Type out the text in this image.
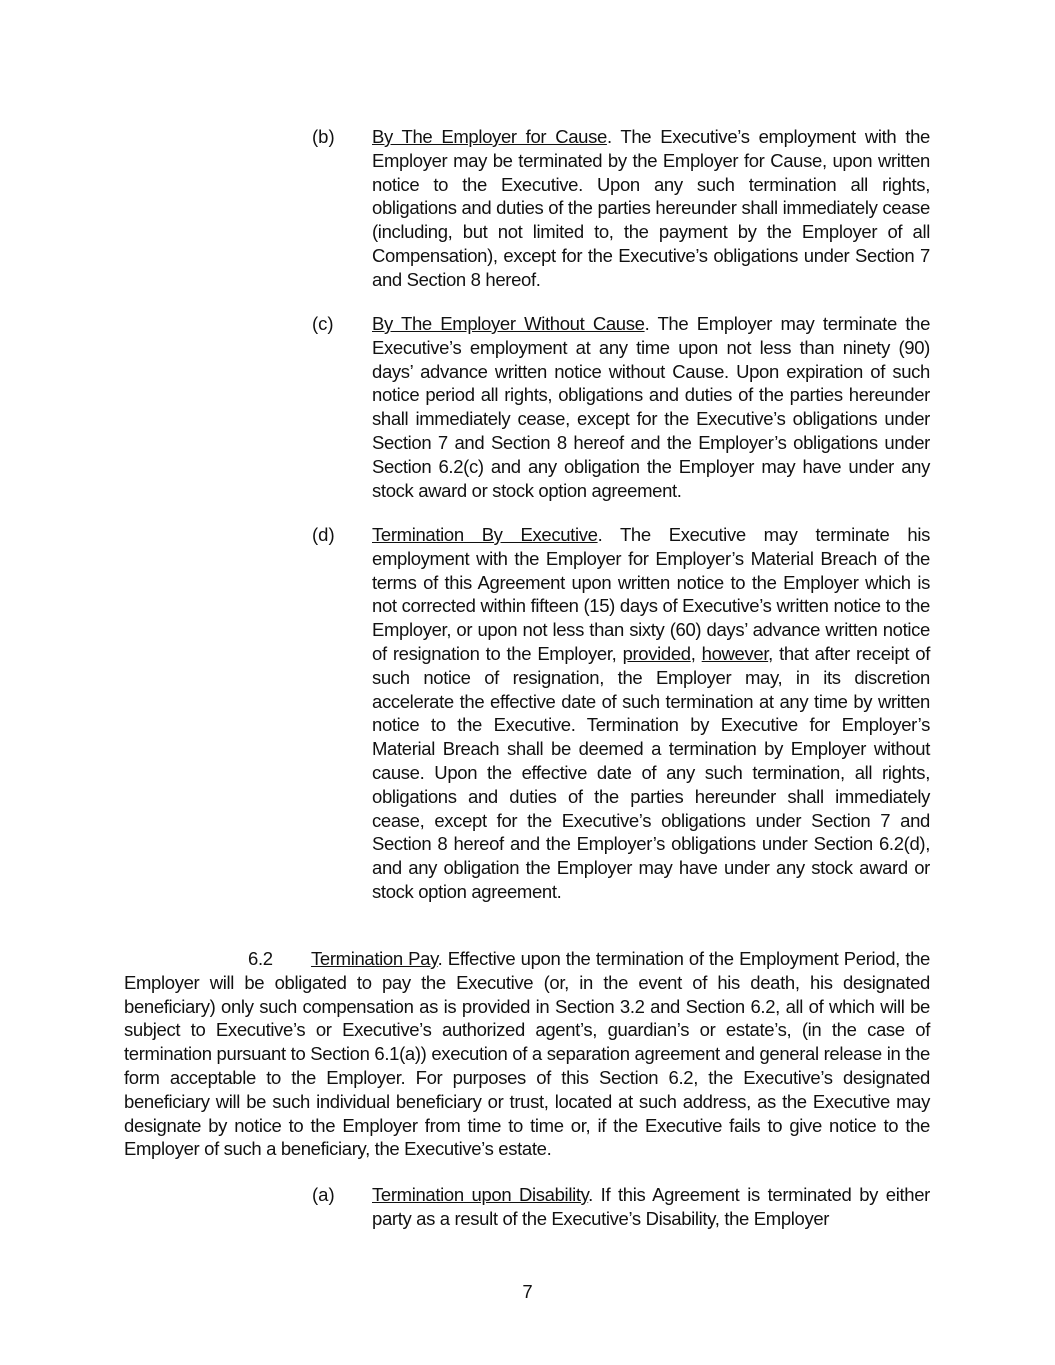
(b) By The Employer for Cause. The Executive’s employment with the Employer may be terminated by the Employer for Cause, upon written notice to the Executive. Upon any such termination all rights, obligations and duties of the parties hereunder shall immediately cease (including, but not limited to, the payment by the Employer of all Compensation), except for the Executive’s obligations under Section 7 and Section 8 hereof.
(c) By The Employer Without Cause. The Employer may terminate the Executive’s employment at any time upon not less than ninety (90) days’ advance written notice without Cause. Upon expiration of such notice period all rights, obligations and duties of the parties hereunder shall immediately cease, except for the Executive’s obligations under Section 7 and Section 8 hereof and the Employer’s obligations under Section 6.2(c) and any obligation the Employer may have under any stock award or stock option agreement.
(d) Termination By Executive. The Executive may terminate his employment with the Employer for Employer’s Material Breach of the terms of this Agreement upon written notice to the Employer which is not corrected within fifteen (15) days of Executive’s written notice to the Employer, or upon not less than sixty (60) days’ advance written notice of resignation to the Employer, provided, however, that after receipt of such notice of resignation, the Employer may, in its discretion accelerate the effective date of such termination at any time by written notice to the Executive. Termination by Executive for Employer’s Material Breach shall be deemed a termination by Employer without cause. Upon the effective date of any such termination, all rights, obligations and duties of the parties hereunder shall immediately cease, except for the Executive’s obligations under Section 7 and Section 8 hereof and the Employer’s obligations under Section 6.2(d), and any obligation the Employer may have under any stock award or stock option agreement.
6.2 Termination Pay. Effective upon the termination of the Employment Period, the Employer will be obligated to pay the Executive (or, in the event of his death, his designated beneficiary) only such compensation as is provided in Section 3.2 and Section 6.2, all of which will be subject to Executive’s or Executive’s authorized agent’s, guardian’s or estate’s, (in the case of termination pursuant to Section 6.1(a)) execution of a separation agreement and general release in the form acceptable to the Employer. For purposes of this Section 6.2, the Executive’s designated beneficiary will be such individual beneficiary or trust, located at such address, as the Executive may designate by notice to the Employer from time to time or, if the Executive fails to give notice to the Employer of such a beneficiary, the Executive’s estate.
(a) Termination upon Disability. If this Agreement is terminated by either party as a result of the Executive’s Disability, the Employer
7
